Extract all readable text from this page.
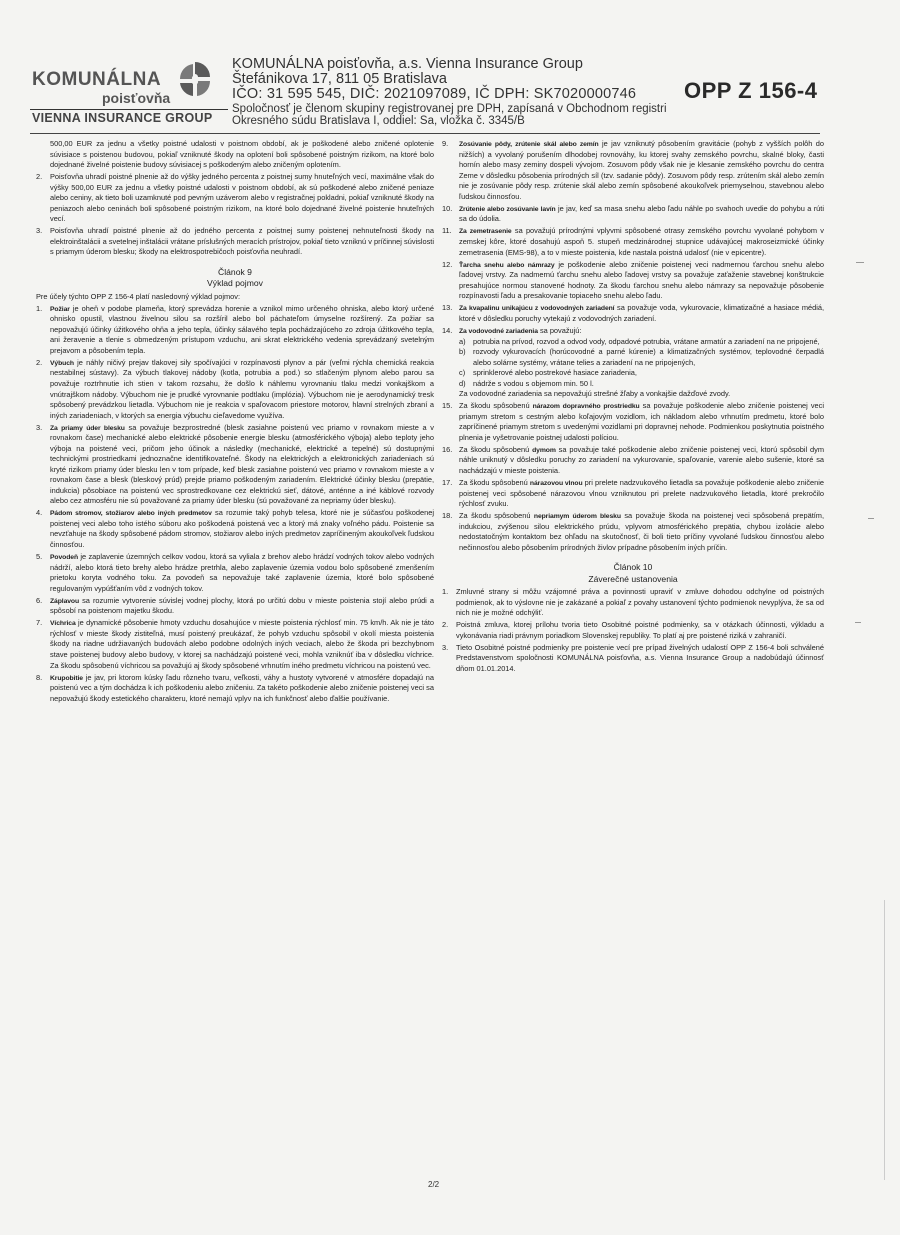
KOMUNÁLNA
poisťovňa
VIENNA INSURANCE GROUP
KOMUNÁLNA poisťovňa, a.s. Vienna Insurance Group
Štefánikova 17, 811 05 Bratislava
IČO: 31 595 545, DIČ: 2021097089, IČ DPH: SK7020000746
Spoločnosť je členom skupiny registrovanej pre DPH, zapísaná v Obchodnom registri
Okresného súdu Bratislava I, oddiel: Sa, vložka č. 3345/B
OPP Z 156-4
500,00 EUR za jednu a všetky poistné udalosti v poistnom období, ak je poškodené alebo zničené oplotenie súvisiace s poistenou budovou, pokiaľ vzniknuté škody na oplotení boli spôsobené poistným rizikom, na ktoré bolo dojednané živelné poistenie budovy súvisiacej s poškodeným alebo zničeným oplotením.
2.	Poisťovňa uhradí poistné plnenie až do výšky jedného percenta z poistnej sumy hnuteľných vecí, maximálne však do výšky 500,00 EUR za jednu a všetky poistné udalosti v poistnom období, ak sú poškodené alebo zničené peniaze alebo ceniny, ak tieto boli uzamknuté pod pevným uzáverom alebo v registračnej pokladni, pokiaľ vzniknuté škody na peniazoch alebo ceninách boli spôsobené poistným rizikom, na ktoré bolo dojednané živelné poistenie hnuteľných vecí.
3.	Poisťovňa uhradí poistné plnenie až do jedného percenta z poistnej sumy poistenej nehnuteľnosti škody na elektroinštalácii a svetelnej inštalácii vrátane príslušných meracích prístrojov, pokiaľ tieto vzniknú v príčinnej súvislosti s priamym úderom blesku; škody na elektrospotrebičoch poisťovňa neuhradí.
Článok 9
Výklad pojmov
Pre účely týchto OPP Z 156-4 platí nasledovný výklad pojmov:
1.	Požiar je oheň v podobe plameňa, ktorý sprevádza horenie a vznikol mimo určeného ohniska, alebo ktorý určené ohnisko opustil, vlastnou živelnou silou sa rozšíril alebo bol páchateľom úmyselne rozšírený. Za požiar sa nepovažujú účinky úžitkového ohňa a jeho tepla, účinky sálavého tepla pochádzajúceho zo zdroja úžitkového tepla, ani žeravenie a tlenie s obmedzeným prístupom vzduchu, ani skrat elektrického vedenia sprevádzaný svetelným prejavom a pôsobením tepla.
2.	Výbuch je náhly ničivý prejav tlakovej sily spočívajúci v rozpínavosti plynov a pár (veľmi rýchla chemická reakcia nestabilnej sústavy). Za výbuch tlakovej nádoby (kotla, potrubia a pod.) so stlačeným plynom alebo parou sa považuje roztrhnutie ich stien v takom rozsahu, že došlo k náhlemu vyrovnaniu tlaku medzi vonkajškom a vnútrajškom nádoby. Výbuchom nie je prudké vyrovnanie podtlaku (implózia). Výbuchom nie je aerodynamický tresk spôsobený prevádzkou lietadla. Výbuchom nie je reakcia v spaľovacom priestore motorov, hlavní strelných zbraní a iných zariadeniach, v ktorých sa energia výbuchu cieľavedome využíva.
3.	Za priamy úder blesku sa považuje bezprostredné (blesk zasiahne poistenú vec priamo v rovnakom mieste a v rovnakom čase) mechanické alebo elektrické pôsobenie energie blesku (atmosférického výboja) alebo teploty jeho výboja na poistené veci, pričom jeho účinok a následky (mechanické, elektrické a tepelné) sú dostupnými technickými prostriedkami jednoznačne identifikovateľné. Škody na elektrických a elektronických zariadeniach sú kryté rizikom priamy úder blesku len v tom prípade, keď blesk zasiahne poistenú vec priamo v rovnakom mieste a v rovnakom čase a blesk (bleskový prúd) prejde priamo poškodeným zariadením. Elektrické účinky blesku (prepätie, indukcia) pôsobiace na poistenú vec sprostredkovane cez elektrickú sieť, dátové, anténne a iné káblové rozvody alebo cez atmosféru nie sú považované za priamy úder blesku (sú považované za nepriamy úder blesku).
4.	Pádom stromov, stožiarov alebo iných predmetov sa rozumie taký pohyb telesa, ktoré nie je súčasťou poškodenej poistenej veci alebo toho istého súboru ako poškodená poistená vec a ktorý má znaky voľného pádu. Poistenie sa nevzťahuje na škody spôsobené pádom stromov, stožiarov alebo iných predmetov zapríčineným akoukoľvek ľudskou činnosťou.
5.	Povodeň je zaplavenie územných celkov vodou, ktorá sa vyliala z brehov alebo hrádzí vodných tokov alebo vodných nádrží, alebo ktorá tieto brehy alebo hrádze pretrhla, alebo zaplavenie územia vodou bolo spôsobené zmenšením prietoku koryta vodného toku. Za povodeň sa nepovažuje také zaplavenie územia, ktoré bolo spôsobené regulovaným vypúšťaním vôd z vodných tokov.
6.	Záplavou sa rozumie vytvorenie súvislej vodnej plochy, ktorá po určitú dobu v mieste poistenia stojí alebo prúdi a spôsobí na poistenom majetku škodu.
7.	Víchrica je dynamické pôsobenie hmoty vzduchu dosahujúce v mieste poistenia rýchlosť min. 75 km/h. Ak nie je táto rýchlosť v mieste škody zistiteľná, musí poistený preukázať, že pohyb vzduchu spôsobil v okolí miesta poistenia škody na riadne udržiavaných budovách alebo podobne odolných iných veciach, alebo že škoda pri bezchybnom stave poistenej budovy alebo budovy, v ktorej sa nachádzajú poistené veci, mohla vzniknúť iba v dôsledku víchrice. Za škodu spôsobenú víchricou sa považujú aj škody spôsobené vrhnutím iného predmetu víchricou na poistenú vec.
8.	Krupobitie je jav, pri ktorom kúsky ľadu rôzneho tvaru, veľkosti, váhy a hustoty vytvorené v atmosfére dopadajú na poistenú vec a tým dochádza k ich poškodeniu alebo zničeniu. Za takéto poškodenie alebo zničenie poistenej veci sa nepovažujú škody estetického charakteru, ktoré nemajú vplyv na ich funkčnosť alebo ďalšie používanie.
9.	Zosúvanie pôdy, zrútenie skál alebo zemín je jav vzniknutý pôsobením gravitácie (pohyb z vyšších polôh do nižších) a vyvolaný porušením dlhodobej rovnováhy, ku ktorej svahy zemského povrchu, skalné bloky, časti hornín alebo masy zeminy dospeli vývojom. Zosuvom pôdy však nie je klesanie zemského povrchu do centra Zeme v dôsledku pôsobenia prírodných síl (tzv. sadanie pôdy). Zosuvom pôdy resp. zrútením skál alebo zemín nie je zosúvanie pôdy resp. zrútenie skál alebo zemín spôsobené akoukoľvek priemyselnou, stavebnou alebo ľudskou činnosťou.
10. Zrútenie alebo zosúvanie lavín je jav, keď sa masa snehu alebo ľadu náhle po svahoch uvedie do pohybu a rúti sa do údolia.
11.	Za zemetrasenie sa považujú prírodnými vplyvmi spôsobené otrasy zemského povrchu vyvolané pohybom v zemskej kôre, ktoré dosahujú aspoň 5. stupeň medzinárodnej stupnice udávajúcej makroseizmické účinky zemetrasenia (EMS-98), a to v mieste poistenia, kde nastala poistná udalosť (nie v epicentre).
12. Ťarcha snehu alebo námrazy je poškodenie alebo zničenie poistenej veci nadmernou ťarchou snehu alebo ľadovej vrstvy. Za nadmernú ťarchu snehu alebo ľadovej vrstvy sa považuje zaťaženie stavebnej konštrukcie presahujúce normou stanovené hodnoty. Za škodu ťarchou snehu alebo námrazy sa nepovažuje pôsobenie rozpínavosti ľadu a presakovanie topiaceho snehu alebo ľadu.
13. Za kvapalinu unikajúcu z vodovodných zariadení sa považuje voda, vykurovacie, klimatizačné a hasiace médiá, ktoré v dôsledku poruchy vytekajú z vodovodných zariadení.
14. Za vodovodné zariadenia sa považujú:
a)	potrubia na prívod, rozvod a odvod vody, odpadové potrubia, vrátane armatúr a zariadení na ne pripojené,
b)	rozvody vykurovacích (horúcovodné a parné kúrenie) a klimatizačných systémov, teplovodné čerpadlá alebo solárne systémy, vrátane telies a zariadení na ne pripojených,
c)	sprinklerové alebo postrekové hasiace zariadenia,
d)	nádrže s vodou s objemom min. 50 l.
Za vodovodné zariadenia sa nepovažujú strešné žľaby a vonkajšie dažďové zvody.
15. Za škodu spôsobenú nárazom dopravného prostriedku sa považuje poškodenie alebo zničenie poistenej veci priamym stretom s cestným alebo koľajovým vozidlom, ich nákladom alebo vrhnutím predmetu, ktoré bolo zapríčinené priamym stretom s uvedenými vozidlami pri dopravnej nehode. Podmienkou poskytnutia poistného plnenia je vyšetrovanie poistnej udalosti políciou.
16. Za škodu spôsobenú dymom sa považuje také poškodenie alebo zničenie poistenej veci, ktorú spôsobil dym náhle uniknutý v dôsledku poruchy zo zariadení na vykurovanie, spaľovanie, varenie alebo sušenie, ktoré sa nachádzajú v mieste poistenia.
17. Za škodu spôsobenú nárazovou vlnou pri prelete nadzvukového lietadla sa považuje poškodenie alebo zničenie poistenej veci spôsobené nárazovou vlnou vzniknutou pri prelete nadzvukového lietadla, ktoré prekročilo rýchlosť zvuku.
18. Za škodu spôsobenú nepriamym úderom blesku sa považuje škoda na poistenej veci spôsobená prepätím, indukciou, zvýšenou silou elektrického prúdu, vplyvom atmosférického prepätia, chybou izolácie alebo nedostatočným kontaktom bez ohľadu na skutočnosť, či boli tieto príčiny vyvolané ľudskou činnosťou alebo nečinnosťou alebo pôsobením prírodných živlov prípadne pôsobením iných príčin.
Článok 10
Záverečné ustanovenia
1.	Zmluvné strany si môžu vzájomné práva a povinnosti upraviť v zmluve dohodou odchylne od poistných podmienok, ak to výslovne nie je zakázané a pokiaľ z povahy ustanovení týchto podmienok nevyplýva, že sa od nich nie je možné odchýliť.
2.	Poistná zmluva, ktorej prílohu tvoria tieto Osobitné poistné podmienky, sa v otázkach účinnosti, výkladu a vykonávania riadi právnym poriadkom Slovenskej republiky. To platí aj pre poistené riziká v zahraničí.
3.	Tieto Osobitné poistné podmienky pre poistenie vecí pre prípad živelných udalostí OPP Z 156-4 boli schválené Predstavenstvom spoločnosti KOMUNÁLNA poisťovňa, a.s. Vienna Insurance Group a nadobúdajú účinnosť dňom 01.01.2014.
2/2
